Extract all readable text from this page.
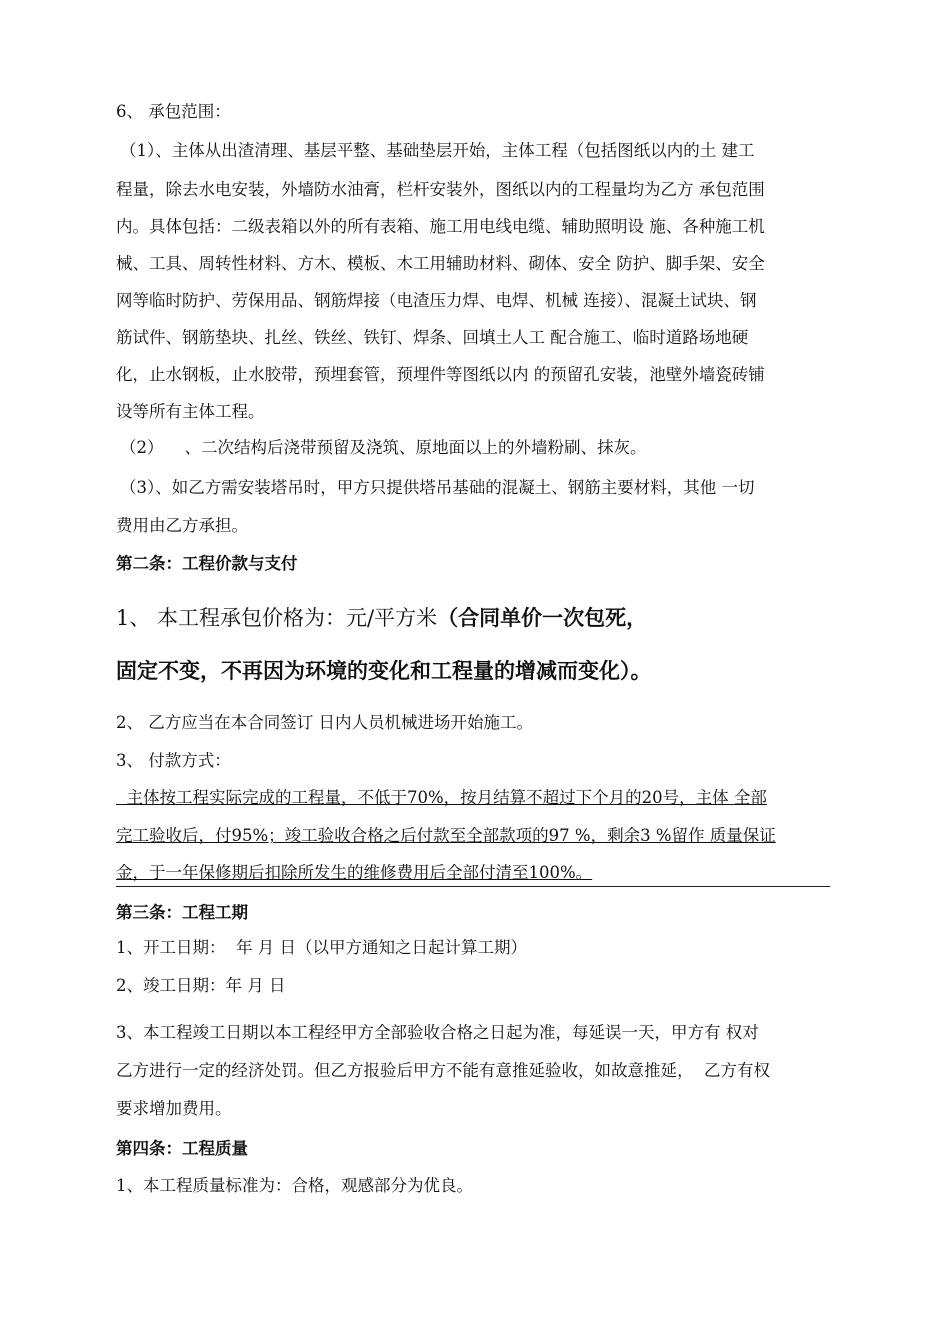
6、 承包范围：
（1）、主体从出渣清理、基层平整、基础垫层开始，主体工程（包括图纸以内的土 建工
程量，除去水电安装，外墙防水油膏，栏杆安装外，图纸以内的工程量均为乙方 承包范围
内。具体包括：二级表箱以外的所有表箱、施工用电线电缆、辅助照明设 施、各种施工机
械、工具、周转性材料、方木、模板、木工用辅助材料、砌体、安全 防护、脚手架、安全
网等临时防护、劳保用品、钢筋焊接（电渣压力焊、电焊、机械 连接）、混凝土试块、钢
筋试件、钢筋垫块、扎丝、铁丝、铁钉、焊条、回填土人工 配合施工、临时道路场地硬
化，止水钢板，止水胶带，预埋套管，预埋件等图纸以内 的预留孔安装，池壁外墙瓷砖铺
设等所有主体工程。
（2）    、二次结构后浇带预留及浇筑、原地面以上的外墙粉刷、抹灰。
（3）、如乙方需安装塔吊时，甲方只提供塔吊基础的混凝土、钢筋主要材料，其他 一切
费用由乙方承担。
第二条：工程价款与支付
1、 本工程承包价格为：元/平方米（合同单价一次包死，
固定不变，不再因为环境的变化和工程量的增减而变化）。
2、 乙方应当在本合同签订 日内人员机械进场开始施工。
3、 付款方式：
主体按工程实际完成的工程量，不低于70%，按月结算不超过下个月的20号，主体 全部
完工验收后，付95%；竣工验收合格之后付款至全部款项的97 %，剩余3 %留作 质量保证
金，于一年保修期后扣除所发生的维修费用后全部付清至100%。
第三条：工程工期
1、开工日期：  年 月 日（以甲方通知之日起计算工期）
2、竣工日期：年 月 日
3、本工程竣工日期以本工程经甲方全部验收合格之日起为准，每延误一天，甲方有 权对
乙方进行一定的经济处罚。但乙方报验后甲方不能有意推延验收，如故意推延，  乙方有权
要求增加费用。
第四条：工程质量
1、本工程质量标准为：合格，观感部分为优良。
